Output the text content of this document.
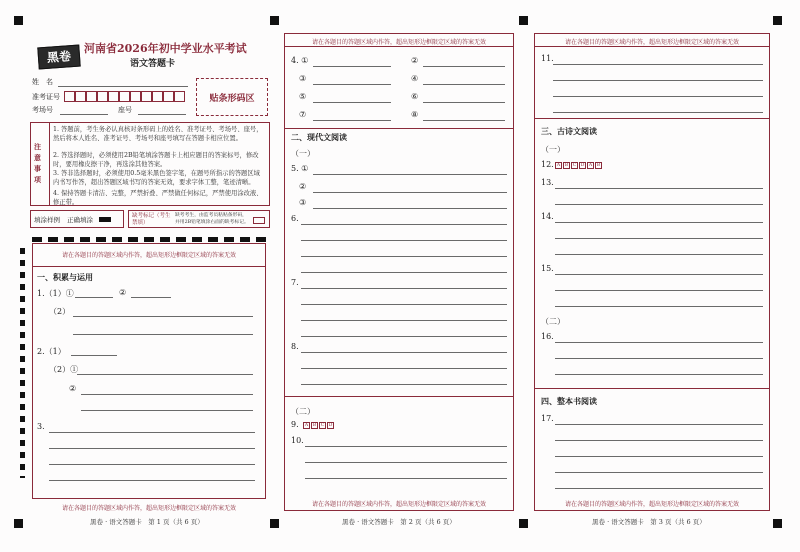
黑卷
河南省2026年初中学业水平考试
语文答题卡
姓　名
准考证号
考场号	座号
贴条形码区
注意事项
1. 答题前，考生务必认真核对条形码上的姓名、准考证号、考场号、座号，然后将本人姓名、准考证号、考场号和座号填写在答题卡相应位置。
2. 答选择题时，必须使用2B铅笔填涂答题卡上相应题目的答案标号，修改时，要用橡皮擦干净，再选涂其他答案。
3. 答非选择题时，必须使用0.5毫米黑色签字笔，在题号所指示的答题区域内书写作答，超出答题区域书写的答案无效，要求字体工整，笔迹清晰。
4. 保持答题卡清洁、完整，严禁折叠、严禁做任何标记，严禁使用涂改液、修正带。
填涂样例 正确填涂	缺考标记（考生禁填）
缺考考生，由监考员粘贴条形码，并用2B铅笔填涂右面的缺考标记。
请在各题目的答题区域内作答，超出矩形边框限定区域的答案无效
一、积累与运用
1.（1）①	②
（2）
2.（1）
（2）①
②
3.
黑卷 · 语文答题卡　第 1 页（共 6 页）
请在各题目的答题区域内作答，超出矩形边框限定区域的答案无效
4. ①	②
③	④
⑤	⑥
⑦	⑧
二、现代文阅读
（一）
5. ①
②
③
6.
7.
8.
（二）
9.	A	B	C D
10.
请在各题目的答题区域内作答，超出矩形边框限定区域的答案无效
黑卷 · 语文答题卡　第 2 页（共 6 页）
请在各题目的答题区域内作答，超出矩形边框限定区域的答案无效
11.
三、古诗文阅读
（一）
12. A	B	C D	A	B
13.
14.
15.
（二）
16.
四、整本书阅读
17.
请在各题目的答题区域内作答，超出矩形边框限定区域的答案无效
黑卷 · 语文答题卡　第 3 页（共 6 页）
请在各题目的答题区域内作答，超出矩形边框限定区域的答案无效
